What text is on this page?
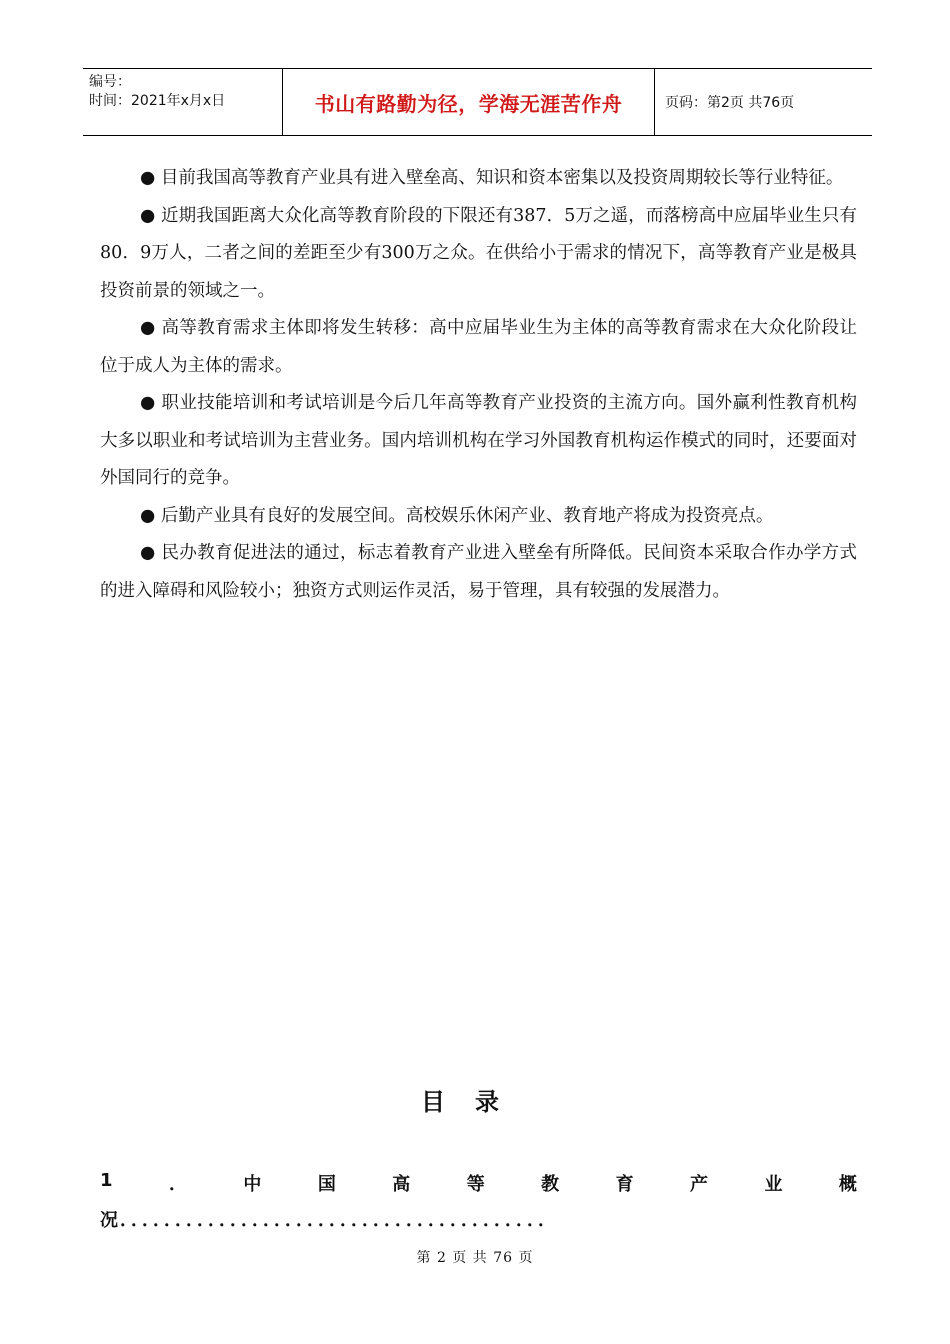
编号：
时间：2021年x月x日	书山有路勤为径，学海无涯苦作舟	页码：第2页 共76页

● 目前我国高等教育产业具有进入壁垒高、知识和资本密集以及投资周期较长等行业特征。

● 近期我国距离大众化高等教育阶段的下限还有387．5万之遥，而落榜高中应届毕业生只有80．9万人，二者之间的差距至少有300万之众。在供给小于需求的情况下，高等教育产业是极具投资前景的领域之一。

● 高等教育需求主体即将发生转移：高中应届毕业生为主体的高等教育需求在大众化阶段让位于成人为主体的需求。

● 职业技能培训和考试培训是今后几年高等教育产业投资的主流方向。国外赢利性教育机构大多以职业和考试培训为主营业务。国内培训机构在学习外国教育机构运作模式的同时，还要面对外国同行的竞争。

● 后勤产业具有良好的发展空间。高校娱乐休闲产业、教育地产将成为投资亮点。

● 民办教育促进法的通过，标志着教育产业进入壁垒有所降低。民间资本采取合作办学方式的进入障碍和风险较小；独资方式则运作灵活，易于管理，具有较强的发展潜力。

目录
1	．	中	国	高	等	教	育	产	业	概
况．．．．．．．．．．．．．．．．．．．．．．．．．．．．．．．．．．．．．．．
第 2 页 共 76 页
